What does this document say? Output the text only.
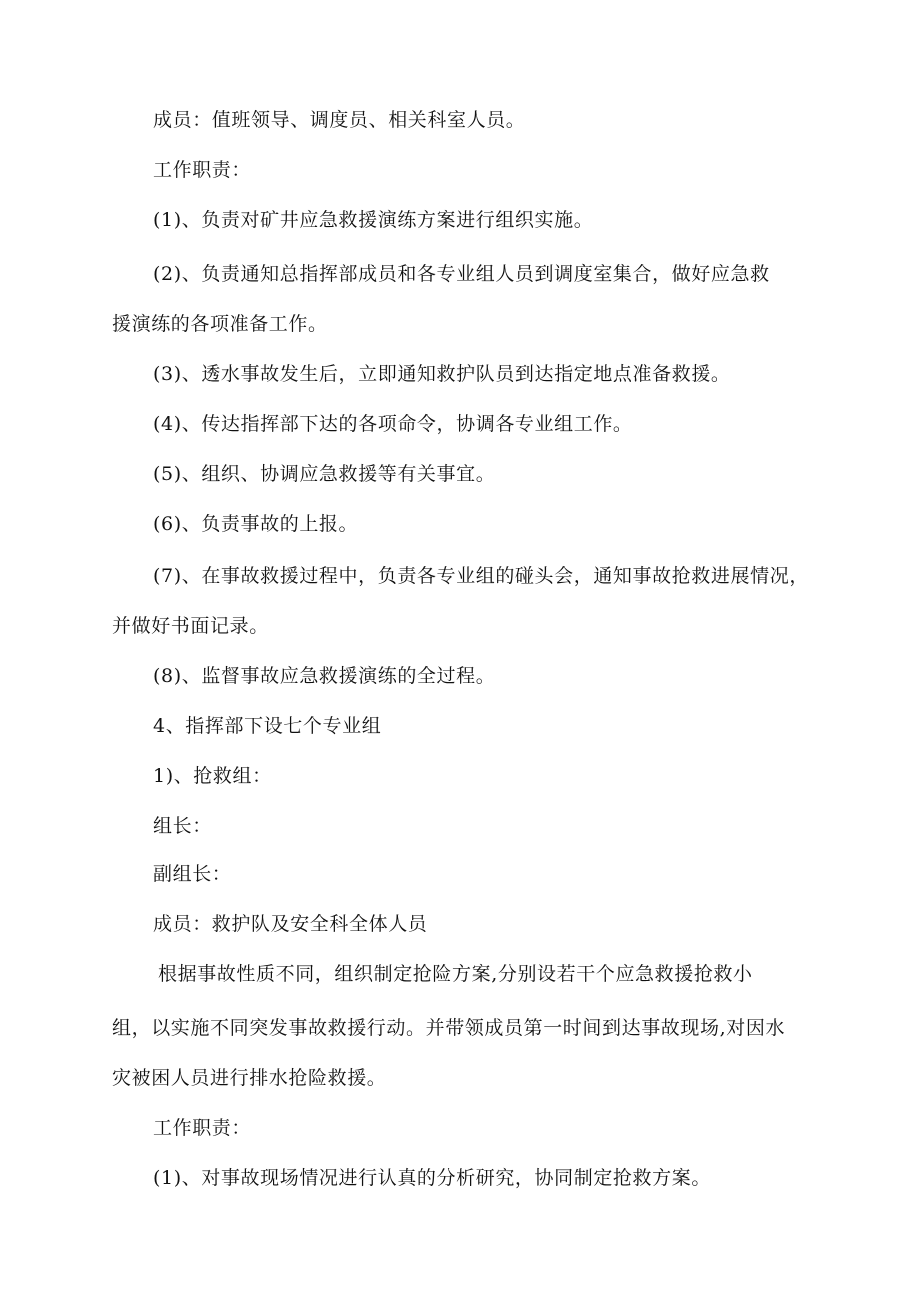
成员：值班领导、调度员、相关科室人员。
工作职责：
(1)、负责对矿井应急救援演练方案进行组织实施。
(2)、负责通知总指挥部成员和各专业组人员到调度室集合，做好应急救
援演练的各项准备工作。
(3)、透水事故发生后，立即通知救护队员到达指定地点准备救援。
(4)、传达指挥部下达的各项命令，协调各专业组工作。
(5)、组织、协调应急救援等有关事宜。
(6)、负责事故的上报。
(7)、在事故救援过程中，负责各专业组的碰头会，通知事故抢救进展情况，
并做好书面记录。
(8)、监督事故应急救援演练的全过程。
4、指挥部下设七个专业组
1)、抢救组：
组长：
副组长：
成员：救护队及安全科全体人员
根据事故性质不同，组织制定抢险方案,分别设若干个应急救援抢救小
组，以实施不同突发事故救援行动。并带领成员第一时间到达事故现场,对因水
灾被困人员进行排水抢险救援。
工作职责：
(1)、对事故现场情况进行认真的分析研究，协同制定抢救方案。
